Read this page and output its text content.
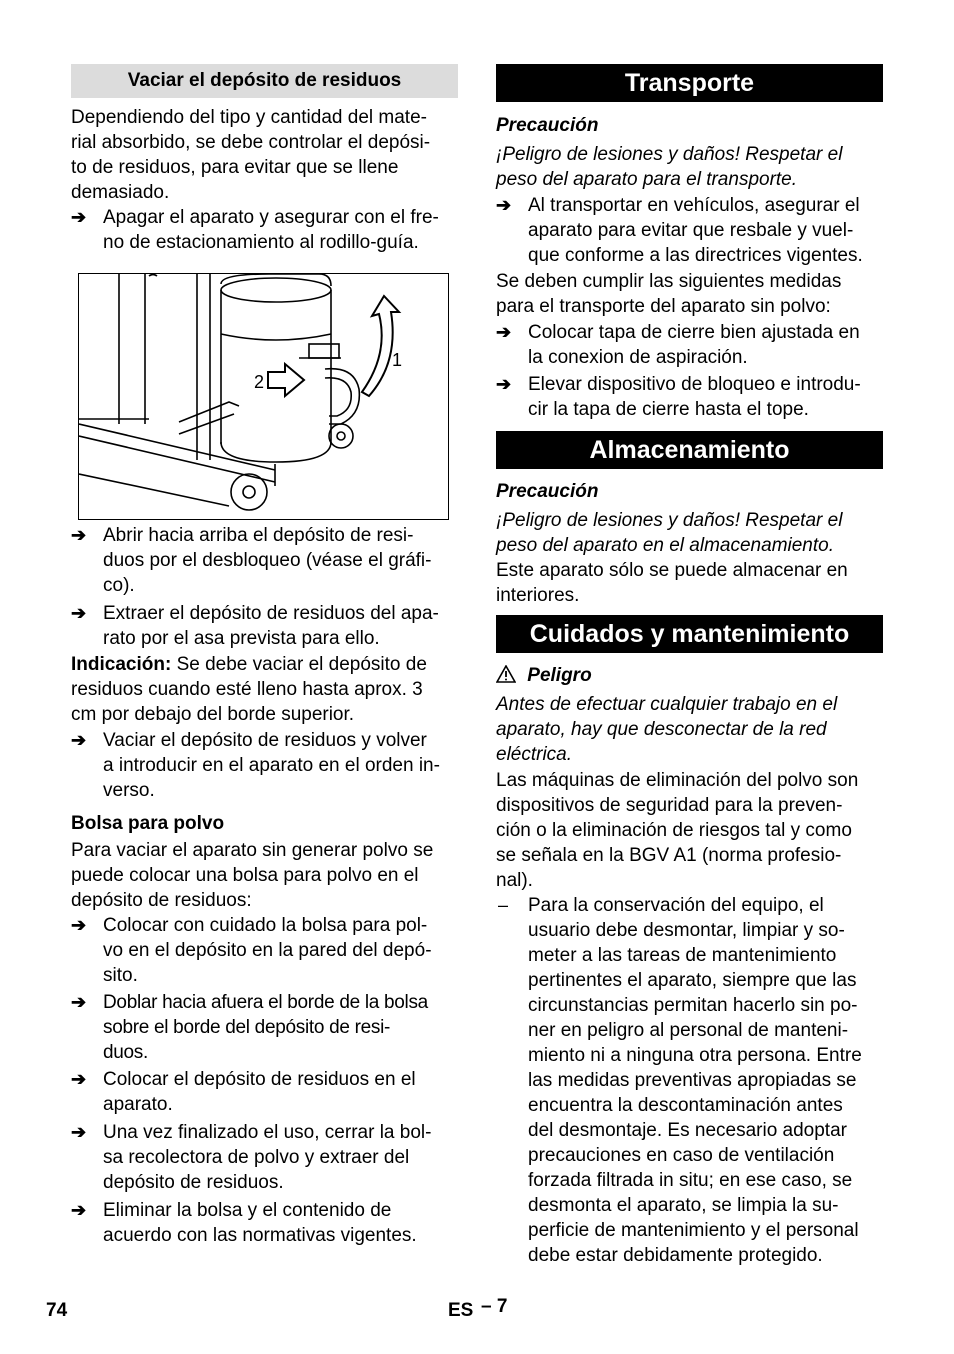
Vaciar el depósito de residuos
Dependiendo del tipo y cantidad del mate-
rial absorbido, se debe controlar el depósi-
to de residuos, para evitar que se llene
demasiado.
➔ Apagar el aparato y asegurar con el fre-
no de estacionamiento al rodillo-guía.
2
1
➔ Abrir hacia arriba el depósito de resi-
duos por el desbloqueo (véase el gráfi-
co).
➔ Extraer el depósito de residuos del apa-
rato por el asa prevista para ello.
Indicación: Se debe vaciar el depósito de
residuos cuando esté lleno hasta aprox. 3
cm por debajo del borde superior.
➔ Vaciar el depósito de residuos y volver
a introducir en el aparato en el orden in-
verso.
Bolsa para polvo
Para vaciar el aparato sin generar polvo se
puede colocar una bolsa para polvo en el
depósito de residuos:
➔ Colocar con cuidado la bolsa para pol-
vo en el depósito en la pared del depó-
sito.
➔ Doblar hacia afuera el borde de la bolsa
sobre el borde del depósito de resi-
duos.
➔ Colocar el depósito de residuos en el
aparato.
➔ Una vez finalizado el uso, cerrar la bol-
sa recolectora de polvo y extraer del
depósito de residuos.
➔ Eliminar la bolsa y el contenido de
acuerdo con las normativas vigentes.
Transporte
Precaución
¡Peligro de lesiones y daños! Respetar el
peso del aparato para el transporte.
➔ Al transportar en vehículos, asegurar el
aparato para evitar que resbale y vuel-
que conforme a las directrices vigentes.
Se deben cumplir las siguientes medidas
para el transporte del aparato sin polvo:
➔ Colocar tapa de cierre bien ajustada en
la conexion de aspiración.
➔ Elevar dispositivo de bloqueo e introdu-
cir la tapa de cierre hasta el tope.
Almacenamiento
Precaución
¡Peligro de lesiones y daños! Respetar el
peso del aparato en el almacenamiento.
Este aparato sólo se puede almacenar en
interiores.
Cuidados y mantenimiento
Peligro
Antes de efectuar cualquier trabajo en el
aparato, hay que desconectar de la red
eléctrica.
Las máquinas de eliminación del polvo son
dispositivos de seguridad para la preven-
ción o la eliminación de riesgos tal y como
se señala en la BGV A1 (norma profesio-
nal).
–	Para la conservación del equipo, el
usuario debe desmontar, limpiar y so-
meter a las tareas de mantenimiento
pertinentes el aparato, siempre que las
circunstancias permitan hacerlo sin po-
ner en peligro al personal de manteni-
miento ni a ninguna otra persona. Entre
las medidas preventivas apropiadas se
encuentra la descontaminación antes
del desmontaje. Es necesario adoptar
precauciones en caso de ventilación
forzada filtrada in situ; en ese caso, se
desmonta el aparato, se limpia la su-
perficie de mantenimiento y el personal
debe estar debidamente protegido.
74	ES – 7
